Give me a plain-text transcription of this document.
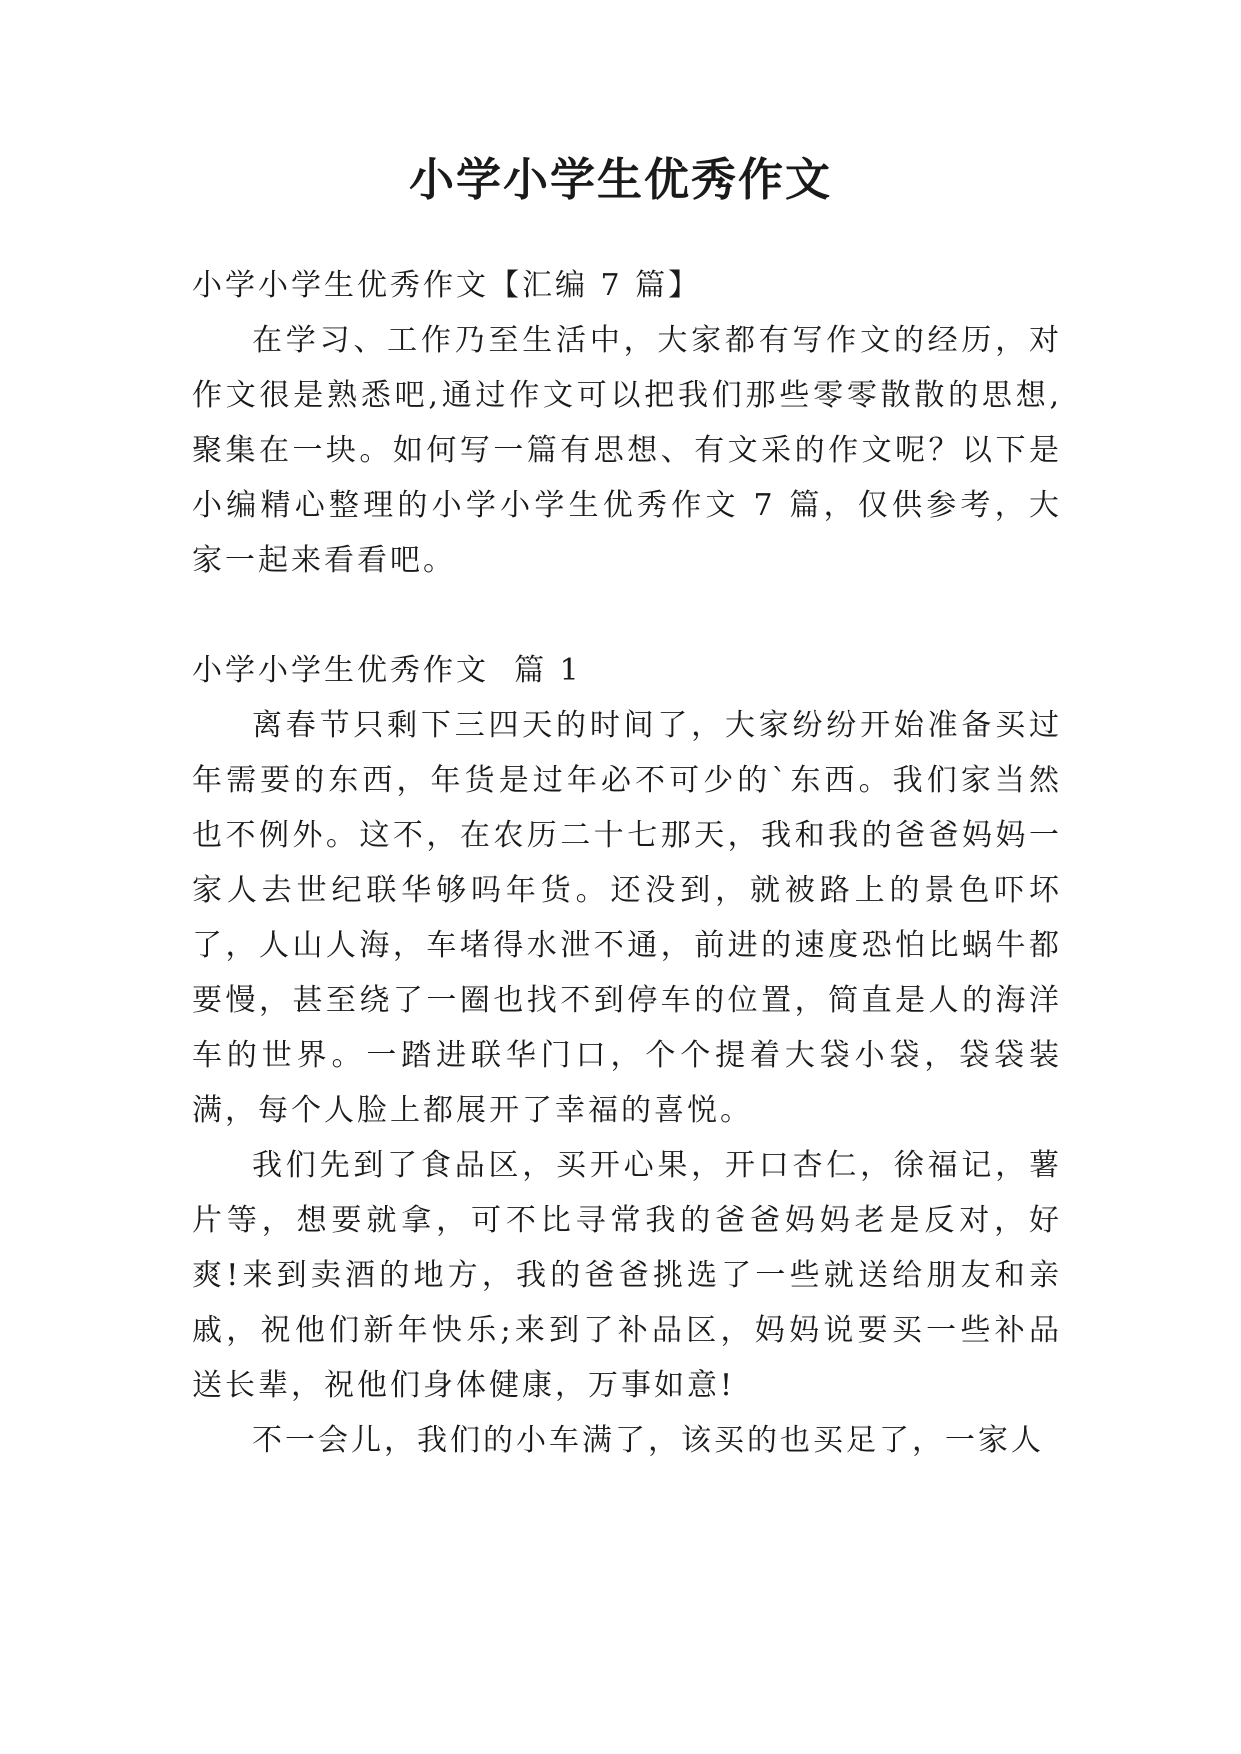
小学小学生优秀作文
小学小学生优秀作文【汇编 7 篇】

在学习、工作乃至生活中，大家都有写作文的经历，对作文很是熟悉吧,通过作文可以把我们那些零零散散的思想,聚集在一块。如何写一篇有思想、有文采的作文呢？以下是小编精心整理的小学小学生优秀作文 7 篇，仅供参考，大家一起来看看吧。

小学小学生优秀作文  篇 1

离春节只剩下三四天的时间了，大家纷纷开始准备买过年需要的东西，年货是过年必不可少的`东西。我们家当然也不例外。这不，在农历二十七那天，我和我的爸爸妈妈一家人去世纪联华够吗年货。还没到，就被路上的景色吓坏了，人山人海，车堵得水泄不通，前进的速度恐怕比蜗牛都要慢，甚至绕了一圈也找不到停车的位置，简直是人的海洋车的世界。一踏进联华门口，个个提着大袋小袋，袋袋装满，每个人脸上都展开了幸福的喜悦。

我们先到了食品区，买开心果，开口杏仁，徐福记，薯片等，想要就拿，可不比寻常我的爸爸妈妈老是反对，好爽!来到卖酒的地方，我的爸爸挑选了一些就送给朋友和亲戚，祝他们新年快乐;来到了补品区，妈妈说要买一些补品送长辈，祝他们身体健康，万事如意!

不一会儿，我们的小车满了，该买的也买足了，一家人
